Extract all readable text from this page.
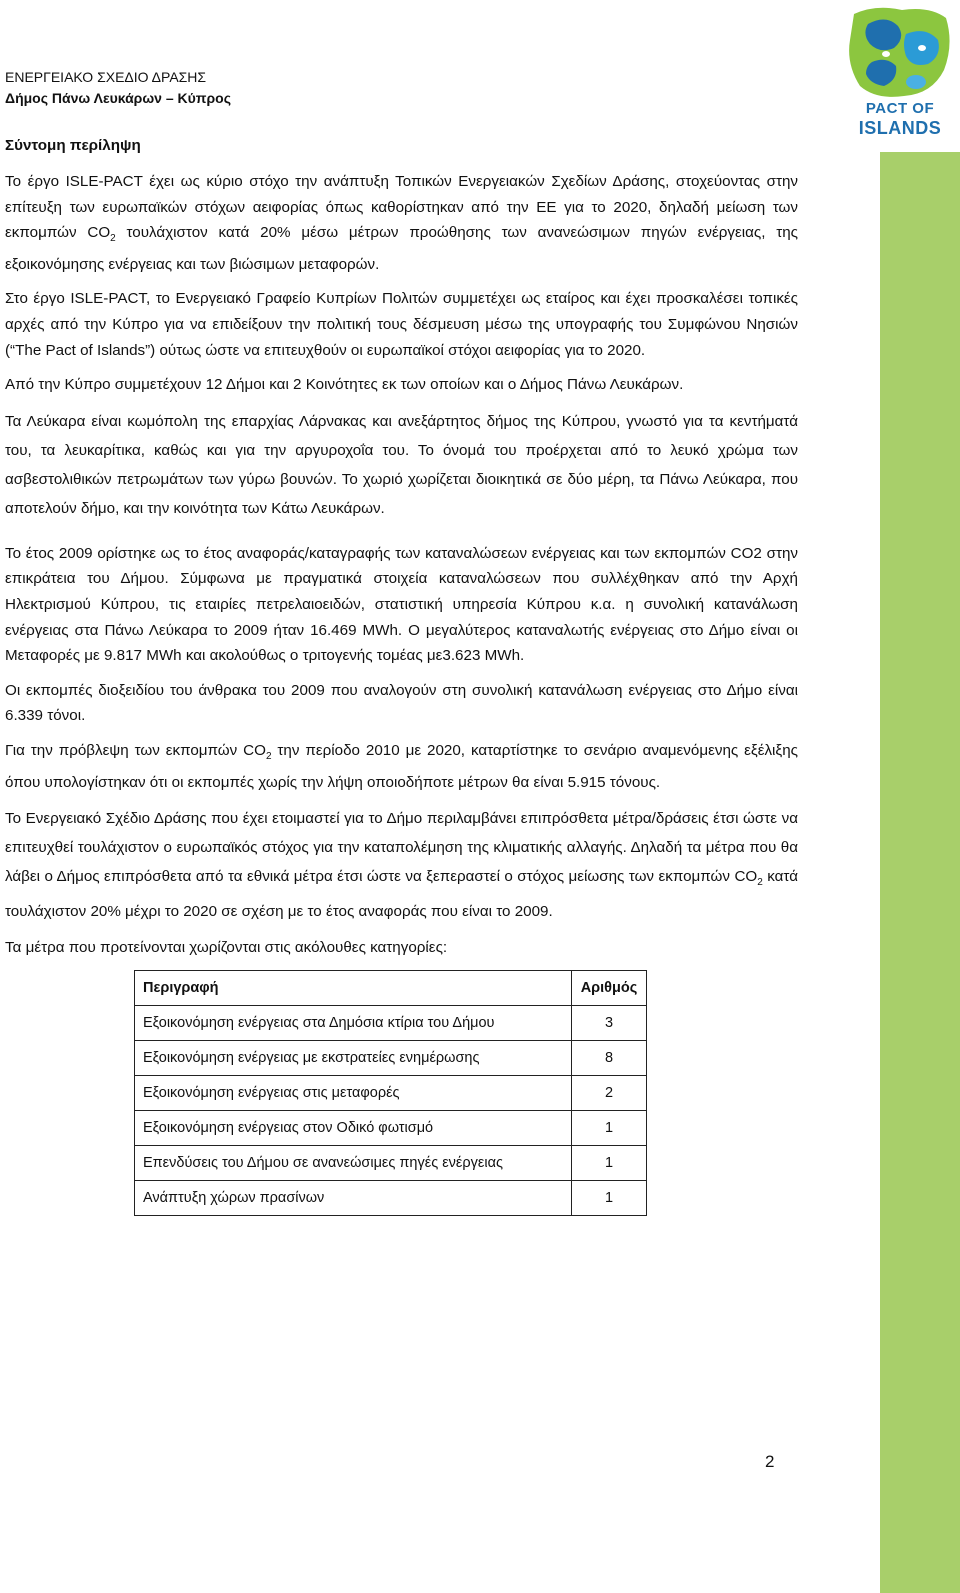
PACT OF
ISLANDS
ΕΝΕΡΓΕΙΑΚΟ ΣΧΕΔΙΟ ΔΡΑΣΗΣ
Δήμος Πάνω Λευκάρων – Κύπρος
Σύντομη περίληψη

Το έργο ISLE-PACT έχει ως κύριο στόχο την ανάπτυξη Τοπικών Ενεργειακών Σχεδίων Δράσης, στοχεύοντας στην επίτευξη των ευρωπαϊκών στόχων αειφορίας όπως καθορίστηκαν από την ΕΕ για το 2020, δηλαδή μείωση των εκπομπών $CO_2$ τουλάχιστον κατά 20% μέσω μέτρων προώθησης των ανανεώσιμων πηγών ενέργειας, της εξοικονόμησης ενέργειας και των βιώσιμων μεταφορών.

Στο έργο ISLE-PACT, το Ενεργειακό Γραφείο Κυπρίων Πολιτών συμμετέχει ως εταίρος και έχει προσκαλέσει τοπικές αρχές από την Κύπρο για να επιδείξουν την πολιτική τους δέσμευση μέσω της υπογραφής του Συμφώνου Νησιών (“The Pact of Islands”) ούτως ώστε να επιτευχθούν οι ευρωπαϊκοί στόχοι αειφορίας για το 2020.

Από την Κύπρο συμμετέχουν 12 Δήμοι και 2 Κοινότητες εκ των οποίων και ο Δήμος Πάνω Λευκάρων.

Τα Λεύκαρα είναι κωμόπολη της επαρχίας Λάρνακας και ανεξάρτητος δήμος της Κύπρου, γνωστό για τα κεντήματά του, τα λευκαρίτικα, καθώς και για την αργυροχοΐα του. Το όνομά του προέρχεται από το λευκό χρώμα των ασβεστολιθικών πετρωμάτων των γύρω βουνών. Το χωριό χωρίζεται διοικητικά σε δύο μέρη, τα Πάνω Λεύκαρα, που αποτελούν δήμο, και την κοινότητα των Κάτω Λευκάρων.

Το έτος 2009 ορίστηκε ως το έτος αναφοράς/καταγραφής των καταναλώσεων ενέργειας και των εκπομπών CO2 στην επικράτεια του Δήμου. Σύμφωνα με πραγματικά στοιχεία καταναλώσεων που συλλέχθηκαν από την Αρχή Ηλεκτρισμού Κύπρου, τις εταιρίες πετρελαιοειδών, στατιστική υπηρεσία Κύπρου κ.α. η συνολική κατανάλωση ενέργειας στα Πάνω Λεύκαρα το 2009 ήταν 16.469 MWh. Ο μεγαλύτερος καταναλωτής ενέργειας στο Δήμο είναι οι Μεταφορές με 9.817 MWh και ακολούθως ο τριτογενής τομέας με3.623 MWh.

Οι εκπομπές διοξειδίου του άνθρακα του 2009 που αναλογούν στη συνολική κατανάλωση ενέργειας στο Δήμο είναι 6.339 τόνοι.

Για την πρόβλεψη των εκπομπών $CO_2$ την περίοδο 2010 με 2020, καταρτίστηκε το σενάριο αναμενόμενης εξέλιξης όπου υπολογίστηκαν ότι οι εκπομπές χωρίς την λήψη οποιοδήποτε μέτρων θα είναι 5.915 τόνους.

Το Ενεργειακό Σχέδιο Δράσης που έχει ετοιμαστεί για το Δήμο περιλαμβάνει επιπρόσθετα μέτρα/δράσεις έτσι ώστε να επιτευχθεί τουλάχιστον ο ευρωπαϊκός στόχος για την καταπολέμηση της κλιματικής αλλαγής. Δηλαδή τα μέτρα που θα λάβει ο Δήμος επιπρόσθετα από τα εθνικά μέτρα έτσι ώστε να ξεπεραστεί ο στόχος μείωσης των εκπομπών $CO_2$ κατά τουλάχιστον 20% μέχρι το 2020 σε σχέση με το έτος αναφοράς που είναι το 2009.

Τα μέτρα που προτείνονται χωρίζονται στις ακόλουθες κατηγορίες:

Περιγραφή	Αριθμός
Εξοικονόμηση ενέργειας στα Δημόσια κτίρια του Δήμου	3
Εξοικονόμηση ενέργειας με εκστρατείες ενημέρωσης	8
Εξοικονόμηση ενέργειας στις μεταφορές	2
Εξοικονόμηση ενέργειας στον Οδικό φωτισμό	1
Επενδύσεις του Δήμου σε ανανεώσιμες πηγές ενέργειας	1
Ανάπτυξη χώρων πρασίνων	1
2
